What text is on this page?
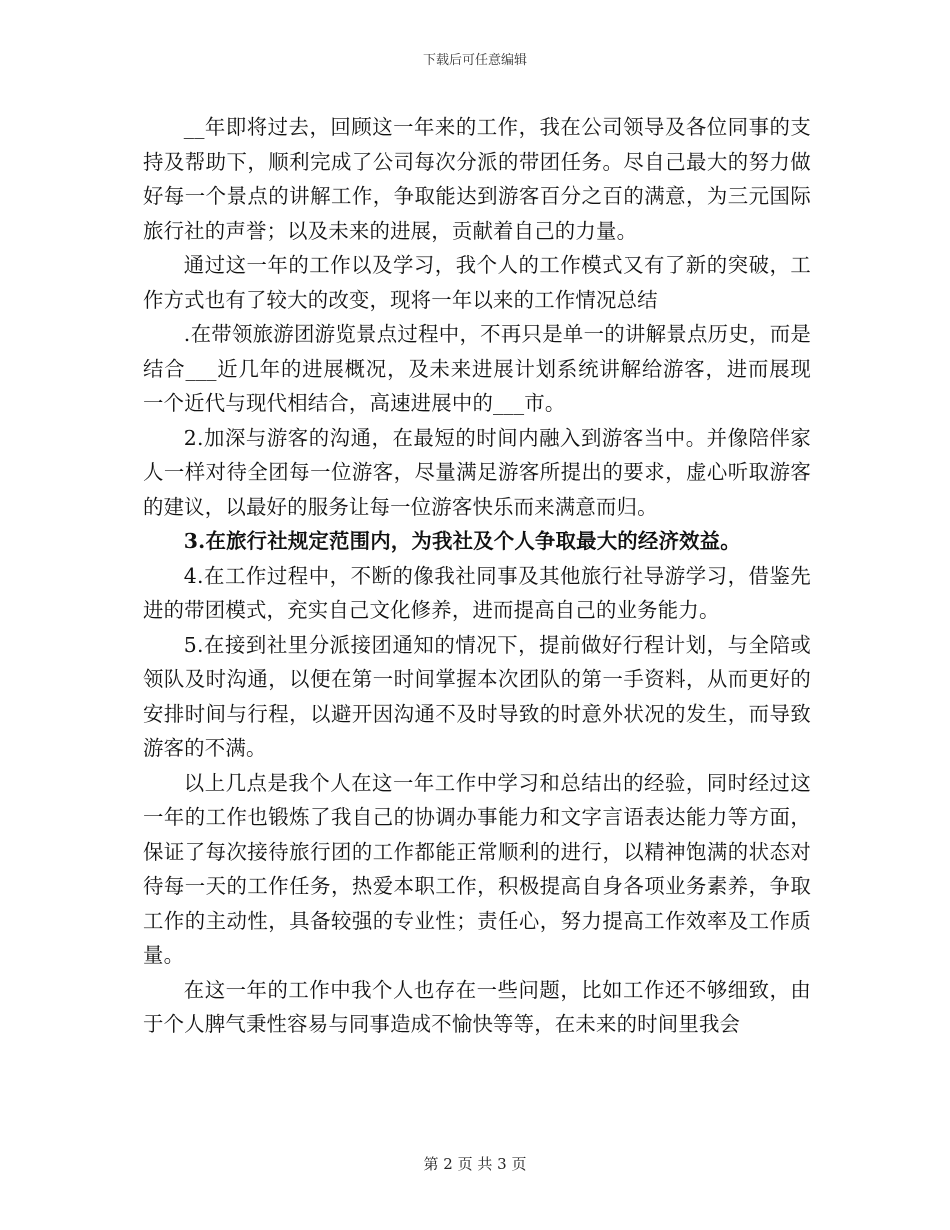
下载后可任意编辑

__年即将过去，回顾这一年来的工作，我在公司领导及各位同事的支持及帮助下，顺利完成了公司每次分派的带团任务。尽自己最大的努力做好每一个景点的讲解工作，争取能达到游客百分之百的满意，为三元国际旅行社的声誉；以及未来的进展，贡献着自己的力量。

通过这一年的工作以及学习，我个人的工作模式又有了新的突破，工作方式也有了较大的改变，现将一年以来的工作情况总结

.在带领旅游团游览景点过程中，不再只是单一的讲解景点历史，而是结合___近几年的进展概况，及未来进展计划系统讲解给游客，进而展现一个近代与现代相结合，高速进展中的___市。

2.加深与游客的沟通，在最短的时间内融入到游客当中。并像陪伴家人一样对待全团每一位游客，尽量满足游客所提出的要求，虚心听取游客的建议，以最好的服务让每一位游客快乐而来满意而归。

3.在旅行社规定范围内，为我社及个人争取最大的经济效益。

4.在工作过程中，不断的像我社同事及其他旅行社导游学习，借鉴先进的带团模式，充实自己文化修养，进而提高自己的业务能力。

5.在接到社里分派接团通知的情况下，提前做好行程计划，与全陪或领队及时沟通，以便在第一时间掌握本次团队的第一手资料，从而更好的安排时间与行程，以避开因沟通不及时导致的时意外状况的发生，而导致游客的不满。

以上几点是我个人在这一年工作中学习和总结出的经验，同时经过这一年的工作也锻炼了我自己的协调办事能力和文字言语表达能力等方面，保证了每次接待旅行团的工作都能正常顺利的进行，以精神饱满的状态对待每一天的工作任务，热爱本职工作，积极提高自身各项业务素养，争取工作的主动性，具备较强的专业性；责任心，努力提高工作效率及工作质量。

在这一年的工作中我个人也存在一些问题，比如工作还不够细致，由于个人脾气秉性容易与同事造成不愉快等等，在未来的时间里我会

第 2 页 共 3 页
